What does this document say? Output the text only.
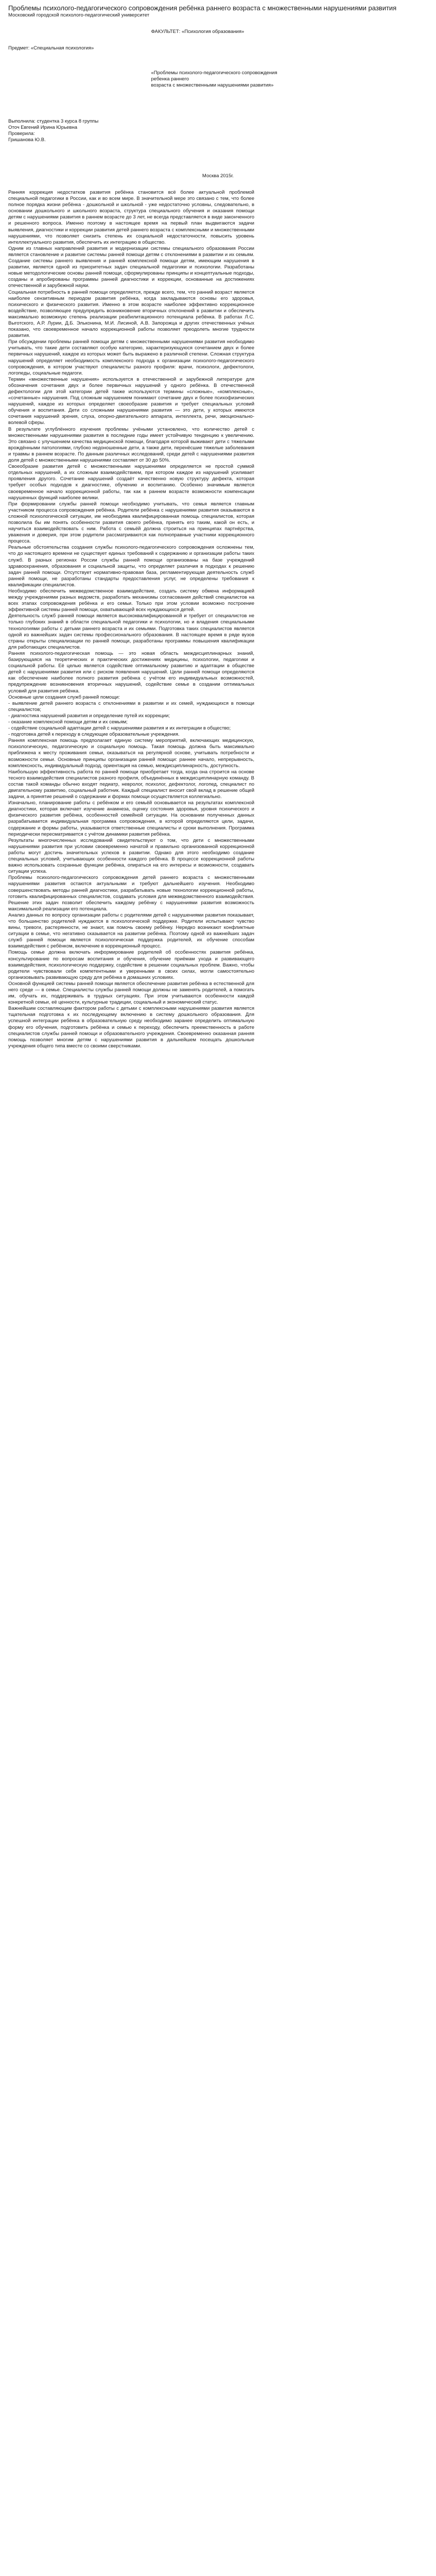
Проблемы психолого-педагогического сопровождения ребёнка раннего возраста с множественными нарушениями развития

Московский городской психолого-педагогический университет

ФАКУЛЬТЕТ: «Психология образования»

Предмет: «Специальная психология»

«Проблемы психолого-педагогического сопровождения ребенка раннего

возраста с множественными нарушениями развития»

Выполнила: студентка 3 курса 8 группы

Оточ Евгений Ирина Юрьевна

Проверила:

Гришанова Ю.В.

Москва 2015г.

Ранняя коррекция недостатков развития ребёнка становится всё более актуальной проблемой специальной педагогики в России, как и во всем мире. В значительной мере это связано с тем, что более полное порядка жизни ребёнка - дошкольной и школьной - уже недостаточно условны, следовательно, в основании дошкольного и школьного возраста, структура специального обучения и оказания помощи детям с нарушениями развития в раннем возрасте до 3 лет, не всегда представляется в виде законченного и решенного вопроса. Именно поэтому в настоящее время на первый план выдвигаются задачи выявления, диагностики и коррекции развития детей раннего возраста с комплексными и множественными нарушениями, что позволяет снизить степень их социальной недостаточности, повысить уровень интеллектуального развития, обеспечить их интеграцию в общество.

Одним из главных направлений развития и модернизации системы специального образования России является становление и развитие системы ранней помощи детям с отклонениями в развитии и их семьям. Создание системы раннего выявления и ранней комплексной помощи детям, имеющим нарушения в развитии, является одной из приоритетных задач специальной педагогики и психологии. Разработаны новые методологические основы ранней помощи, сформулированы принципы и концептуальные подходы, созданы и апробированы программы ранней диагностики и коррекции, основанные на достижениях отечественной и зарубежной науки.

Социальная потребность в ранней помощи определяется, прежде всего, тем, что ранний возраст является наиболее сензитивным периодом развития ребёнка, когда закладываются основы его здоровья, психического и физического развития. Именно в этом возрасте наиболее эффективно коррекционное воздействие, позволяющее предупредить возникновение вторичных отклонений в развитии и обеспечить максимально возможную степень реализации реабилитационного потенциала ребёнка. В работах Л.С. Выготского, А.Р. Лурии, Д.Б. Эльконина, М.И. Лисиной, А.В. Запорожца и других отечественных учёных показано, что своевременное начало коррекционной работы позволяет преодолеть многие трудности развития.

При обсуждении проблемы ранней помощи детям с множественными нарушениями развития необходимо учитывать, что такие дети составляют особую категорию, характеризующуюся сочетанием двух и более первичных нарушений, каждое из которых может быть выражено в различной степени. Сложная структура нарушений определяет необходимость комплексного подхода к организации психолого-педагогического сопровождения, в котором участвуют специалисты разного профиля: врачи, психологи, дефектологи, логопеды, социальные педагоги.

Термин «множественные нарушения» используется в отечественной и зарубежной литературе для обозначения сочетания двух и более первичных нарушений у одного ребёнка. В отечественной дефектологии для этой категории детей также используются термины «сложные», «комплексные», «сочетанные» нарушения. Под сложным нарушением понимают сочетание двух и более психофизических нарушений, каждое из которых определяет своеобразие развития и требует специальных условий обучения и воспитания. Дети со сложными нарушениями развития — это дети, у которых имеются сочетания нарушений зрения, слуха, опорно-двигательного аппарата, интеллекта, речи, эмоционально-волевой сферы.

В результате углублённого изучения проблемы учёными установлено, что количество детей с множественными нарушениями развития в последние годы имеет устойчивую тенденцию к увеличению. Это связано с улучшением качества медицинской помощи, благодаря которой выживают дети с тяжелыми врождёнными патологиями, глубоко недоношенные дети, а также дети, перенёсшие тяжелые заболевания и травмы в раннем возрасте. По данным различных исследований, среди детей с нарушениями развития доля детей с множественными нарушениями составляет от 30 до 50%.

Своеобразие развития детей с множественными нарушениями определяется не простой суммой отдельных нарушений, а их сложным взаимодействием, при котором каждое из нарушений усиливает проявления другого. Сочетание нарушений создаёт качественно новую структуру дефекта, которая требует особых подходов к диагностике, обучению и воспитанию. Особенно значимым является своевременное начало коррекционной работы, так как в раннем возрасте возможности компенсации нарушенных функций наиболее велики.

При формировании службы ранней помощи необходимо учитывать, что семья является главным участником процесса сопровождения ребёнка. Родители ребёнка с нарушениями развития оказываются в сложной психологической ситуации, им необходима квалифицированная помощь специалистов, которая позволила бы им понять особенности развития своего ребёнка, принять его таким, какой он есть, и научиться взаимодействовать с ним. Работа с семьёй должна строиться на принципах партнёрства, уважения и доверия, при этом родители рассматриваются как полноправные участники коррекционного процесса.

Реальные обстоятельства создания службы психолого-педагогического сопровождения осложнены тем, что до настоящего времени не существует единых требований к содержанию и организации работы таких служб. В разных регионах России службы ранней помощи организованы на базе учреждений здравоохранения, образования и социальной защиты, что определяет различия в подходах к решению задач ранней помощи. Отсутствует нормативно-правовая база, регламентирующая деятельность служб ранней помощи, не разработаны стандарты предоставления услуг, не определены требования к квалификации специалистов.

Необходимо обеспечить межведомственное взаимодействие, создать систему обмена информацией между учреждениями разных ведомств, разработать механизмы согласования действий специалистов на всех этапах сопровождения ребёнка и его семьи. Только при этом условии возможно построение эффективной системы ранней помощи, охватывающей всех нуждающихся детей.

Деятельность служб ранней помощи является высококвалифицированной и требует от специалистов не только глубоких знаний в области специальной педагогики и психологии, но и владения специальными технологиями работы с детьми раннего возраста и их семьями. Подготовка таких специалистов является одной из важнейших задач системы профессионального образования. В настоящее время в ряде вузов страны открыты специализации по ранней помощи, разработаны программы повышения квалификации для работающих специалистов.

Ранняя психолого-педагогическая помощь — это новая область междисциплинарных знаний, базирующаяся на теоретических и практических достижениях медицины, психологии, педагогики и социальной работы. Её целью является содействие оптимальному развитию и адаптации в обществе детей с нарушениями развития или с риском появления нарушений. Цели ранней помощи определяются как обеспечение наиболее полного развития ребёнка с учётом его индивидуальных возможностей, предупреждение возникновения вторичных нарушений, содействие семье в создании оптимальных условий для развития ребёнка.

Основные цели создания служб ранней помощи:

- выявление детей раннего возраста с отклонениями в развитии и их семей, нуждающихся в помощи специалистов;

- диагностика нарушений развития и определение путей их коррекции;

- оказание комплексной помощи детям и их семьям;

- содействие социальной адаптации детей с нарушениями развития и их интеграции в общество;

- подготовка детей к переходу в следующие образовательные учреждения.

Ранняя комплексная помощь предполагает единую систему мероприятий, включающих медицинскую, психологическую, педагогическую и социальную помощь. Такая помощь должна быть максимально приближена к месту проживания семьи, оказываться на регулярной основе, учитывать потребности и возможности семьи. Основные принципы организации ранней помощи: раннее начало, непрерывность, комплексность, индивидуальный подход, ориентация на семью, междисциплинарность, доступность.

Наибольшую эффективность работа по ранней помощи приобретает тогда, когда она строится на основе тесного взаимодействия специалистов разного профиля, объединённых в междисциплинарную команду. В состав такой команды обычно входят педиатр, невролог, психолог, дефектолог, логопед, специалист по двигательному развитию, социальный работник. Каждый специалист вносит свой вклад в решение общей задачи, а принятие решений о содержании и формах помощи осуществляется коллегиально.

Изначально, планирование работы с ребёнком и его семьёй основывается на результатах комплексной диагностики, которая включает изучение анамнеза, оценку состояния здоровья, уровня психического и физического развития ребёнка, особенностей семейной ситуации. На основании полученных данных разрабатывается индивидуальная программа сопровождения, в которой определяются цели, задачи, содержание и формы работы, указываются ответственные специалисты и сроки выполнения. Программа периодически пересматривается с учётом динамики развития ребёнка.

Результаты многочисленных исследований свидетельствуют о том, что дети с множественными нарушениями развития при условии своевременно начатой и правильно организованной коррекционной работы могут достичь значительных успехов в развитии. Однако для этого необходимо создание специальных условий, учитывающих особенности каждого ребёнка. В процессе коррекционной работы важно использовать сохранные функции ребёнка, опираться на его интересы и возможности, создавать ситуации успеха.

Проблемы психолого-педагогического сопровождения детей раннего возраста с множественными нарушениями развития остаются актуальными и требуют дальнейшего изучения. Необходимо совершенствовать методы ранней диагностики, разрабатывать новые технологии коррекционной работы, готовить квалифицированных специалистов, создавать условия для межведомственного взаимодействия. Решение этих задач позволит обеспечить каждому ребёнку с нарушениями развития возможность максимальной реализации его потенциала.

Анализ данных по вопросу организации работы с родителями детей с нарушениями развития показывает, что большинство родителей нуждаются в психологической поддержке. Родители испытывают чувство вины, тревоги, растерянности, не знают, как помочь своему ребёнку. Нередко возникают конфликтные ситуации в семье, что негативно сказывается на развитии ребёнка. Поэтому одной из важнейших задач служб ранней помощи является психологическая поддержка родителей, их обучение способам взаимодействия с ребёнком, включение в коррекционный процесс.

Помощь семье должна включать информирование родителей об особенностях развития ребёнка, консультирование по вопросам воспитания и обучения, обучение приёмам ухода и развивающего взаимодействия, психологическую поддержку, содействие в решении социальных проблем. Важно, чтобы родители чувствовали себя компетентными и уверенными в своих силах, могли самостоятельно организовывать развивающую среду для ребёнка в домашних условиях.

Основной функцией системы ранней помощи является обеспечение развития ребёнка в естественной для него среде — в семье. Специалисты службы ранней помощи должны не заменять родителей, а помогать им, обучать их, поддерживать в трудных ситуациях. При этом учитываются особенности каждой конкретной семьи, её ценности, культурные традиции, социальный и экономический статус.

Важнейшим составляющим фактором работы с детьми с комплексными нарушениями развития является тщательная подготовка к их последующему включению в систему дошкольного образования. Для успешной интеграции ребёнка в образовательную среду необходимо заранее определить оптимальную форму его обучения, подготовить ребёнка и семью к переходу, обеспечить преемственность в работе специалистов службы ранней помощи и образовательного учреждения. Своевременно оказанная ранняя помощь позволяет многим детям с нарушениями развития в дальнейшем посещать дошкольные учреждения общего типа вместе со своими сверстниками.
